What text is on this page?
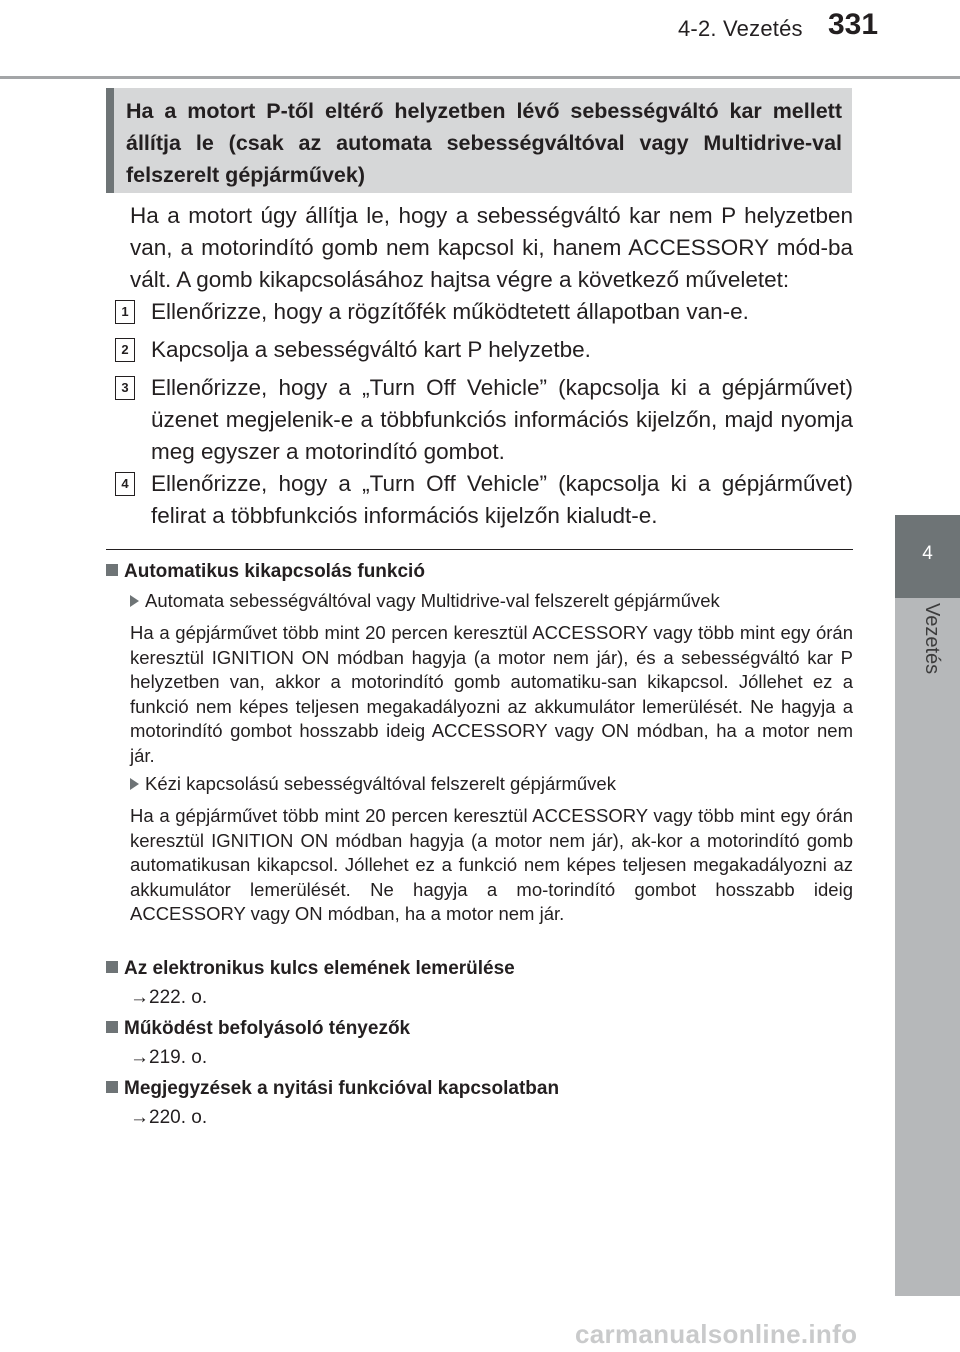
4-2. Vezetés 331
4
Vezetés
Ha a motort P-től eltérő helyzetben lévő sebességváltó kar mellett állítja le (csak az automata sebességváltóval vagy Multidrive-val felszerelt gépjárművek)
Ha a motort úgy állítja le, hogy a sebességváltó kar nem P helyzetben van, a motorindító gomb nem kapcsol ki, hanem ACCESSORY mód-ba vált. A gomb kikapcsolásához hajtsa végre a következő műveletet:
1 Ellenőrizze, hogy a rögzítőfék működtetett állapotban van-e.
2 Kapcsolja a sebességváltó kart P helyzetbe.
3 Ellenőrizze, hogy a „Turn Off Vehicle” (kapcsolja ki a gépjárművet) üzenet megjelenik-e a többfunkciós információs kijelzőn, majd nyomja meg egyszer a motorindító gombot.
4 Ellenőrizze, hogy a „Turn Off Vehicle” (kapcsolja ki a gépjárművet) felirat a többfunkciós információs kijelzőn kialudt-e.
Automatikus kikapcsolás funkció
Automata sebességváltóval vagy Multidrive-val felszerelt gépjárművek
Ha a gépjárművet több mint 20 percen keresztül ACCESSORY vagy több mint egy órán keresztül IGNITION ON módban hagyja (a motor nem jár), és a sebességváltó kar P helyzetben van, akkor a motorindító gomb automatiku-san kikapcsol. Jóllehet ez a funkció nem képes teljesen megakadályozni az akkumulátor lemerülését. Ne hagyja a motorindító gombot hosszabb ideig ACCESSORY vagy ON módban, ha a motor nem jár.
Kézi kapcsolású sebességváltóval felszerelt gépjárművek
Ha a gépjárművet több mint 20 percen keresztül ACCESSORY vagy több mint egy órán keresztül IGNITION ON módban hagyja (a motor nem jár), ak-kor a motorindító gomb automatikusan kikapcsol. Jóllehet ez a funkció nem képes teljesen megakadályozni az akkumulátor lemerülését. Ne hagyja a mo-torindító gombot hosszabb ideig ACCESSORY vagy ON módban, ha a motor nem jár.
Az elektronikus kulcs elemének lemerülése
→222. o.
Működést befolyásoló tényezők
→219. o.
Megjegyzések a nyitási funkcióval kapcsolatban
→220. o.
carmanualsonline.info
